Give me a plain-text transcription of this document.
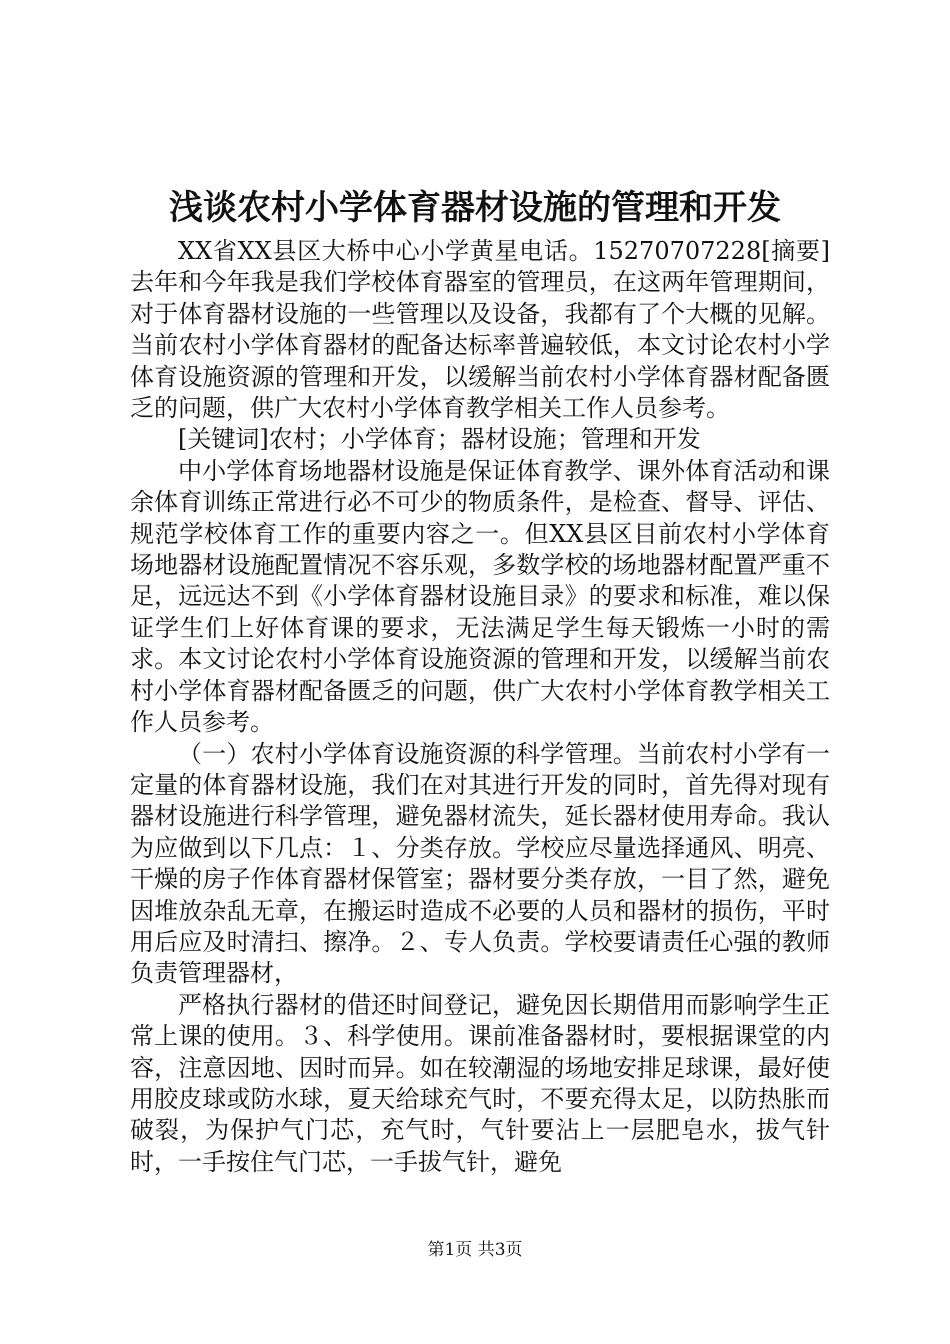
浅谈农村小学体育器材设施的管理和开发

XX省XX县区大桥中心小学黄星电话。15270707228[摘要]去年和今年我是我们学校体育器室的管理员，在这两年管理期间，对于体育器材设施的一些管理以及设备，我都有了个大概的见解。当前农村小学体育器材的配备达标率普遍较低，本文讨论农村小学体育设施资源的管理和开发，以缓解当前农村小学体育器材配备匮乏的问题，供广大农村小学体育教学相关工作人员参考。

[关键词]农村；小学体育；器材设施；管理和开发

中小学体育场地器材设施是保证体育教学、课外体育活动和课余体育训练正常进行必不可少的物质条件，是检查、督导、评估、规范学校体育工作的重要内容之一。但XX县区目前农村小学体育场地器材设施配置情况不容乐观，多数学校的场地器材配置严重不足，远远达不到《小学体育器材设施目录》的要求和标准，难以保证学生们上好体育课的要求，无法满足学生每天锻炼一小时的需求。本文讨论农村小学体育设施资源的管理和开发，以缓解当前农村小学体育器材配备匮乏的问题，供广大农村小学体育教学相关工作人员参考。

（一）农村小学体育设施资源的科学管理。当前农村小学有一定量的体育器材设施，我们在对其进行开发的同时，首先得对现有器材设施进行科学管理，避免器材流失，延长器材使用寿命。我认为应做到以下几点：１、分类存放。学校应尽量选择通风、明亮、干燥的房子作体育器材保管室；器材要分类存放，一目了然，避免因堆放杂乱无章，在搬运时造成不必要的人员和器材的损伤，平时用后应及时清扫、擦净。２、专人负责。学校要请责任心强的教师负责管理器材，

严格执行器材的借还时间登记，避免因长期借用而影响学生正常上课的使用。３、科学使用。课前准备器材时，要根据课堂的内容，注意因地、因时而异。如在较潮湿的场地安排足球课，最好使用胶皮球或防水球，夏天给球充气时，不要充得太足，以防热胀而破裂，为保护气门芯，充气时，气针要沾上一层肥皂水，拔气针时，一手按住气门芯，一手拔气针，避免

第1页 共3页
